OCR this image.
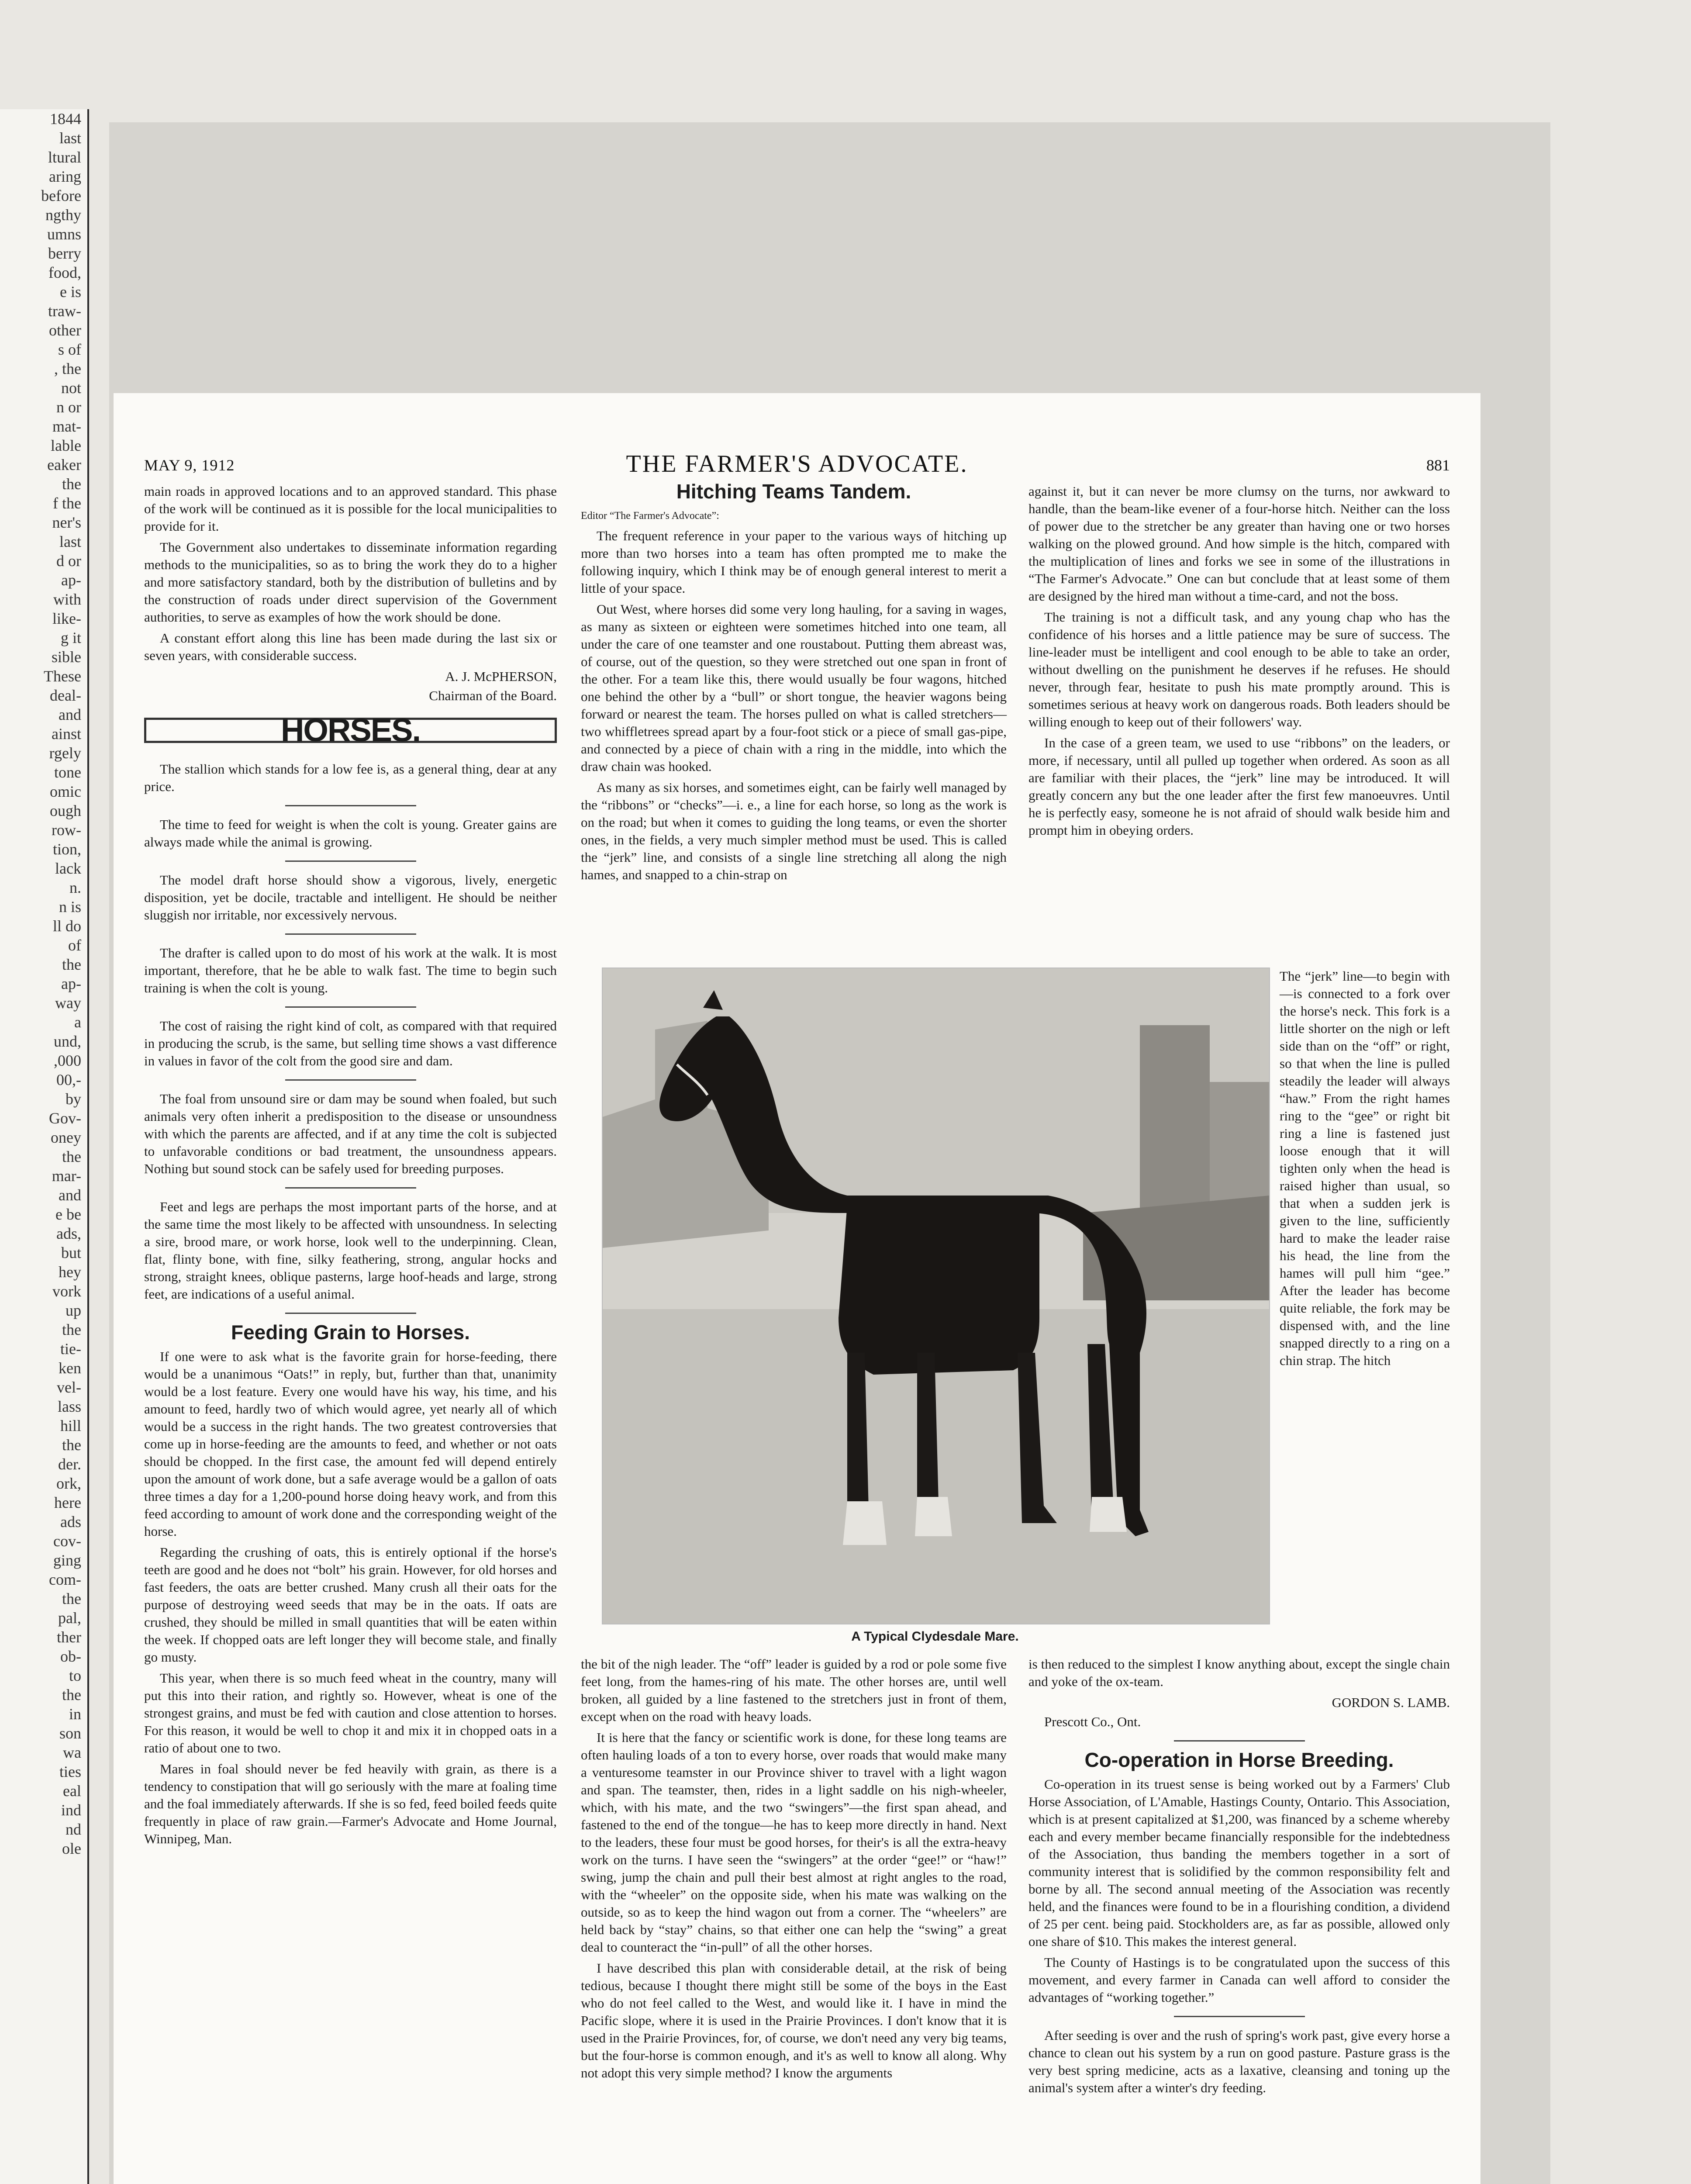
1844
last
ltural
aring
before
ngthy
umns
berry
food,
e is
traw-
other
s of
, the
not
n or
mat-
lable
eaker
the
f the
ner's
last
d or
ap-
with
like-
g it
sible
These
deal-
and
ainst
rgely
tone
omic
ough
row-
tion,
lack
n.
n is
ll do
of
the
ap-
way
a
und,
,000
00,-
by
Gov-
oney
the
mar-
and
e be
ads,
but
hey
vork
up
the
tie-
ken
vel-
lass
hill
the
der.
ork,
here
ads
cov-
ging
com-
the
pal,
ther
ob-
to
the
in
son
wa
ties
eal
ind
nd
ole
MAY 9, 1912	THE FARMER'S ADVOCATE.	881

main roads in approved locations and to an approved standard. This phase of the work will be continued as it is possible for the local municipalities to provide for it.

The Government also undertakes to disseminate information regarding methods to the municipalities, so as to bring the work they do to a higher and more satisfactory standard, both by the distribution of bulletins and by the construction of roads under direct supervision of the Government authorities, to serve as examples of how the work should be done.

A constant effort along this line has been made during the last six or seven years, with considerable success.

A. J. McPHERSON,
Chairman of the Board.
HORSES.

The stallion which stands for a low fee is, as a general thing, dear at any price.

The time to feed for weight is when the colt is young. Greater gains are always made while the animal is growing.

The model draft horse should show a vigorous, lively, energetic disposition, yet be docile, tractable and intelligent. He should be neither sluggish nor irritable, nor excessively nervous.

The drafter is called upon to do most of his work at the walk. It is most important, therefore, that he be able to walk fast. The time to begin such training is when the colt is young.

The cost of raising the right kind of colt, as compared with that required in producing the scrub, is the same, but selling time shows a vast difference in values in favor of the colt from the good sire and dam.

The foal from unsound sire or dam may be sound when foaled, but such animals very often inherit a predisposition to the disease or unsoundness with which the parents are affected, and if at any time the colt is subjected to unfavorable conditions or bad treatment, the unsoundness appears. Nothing but sound stock can be safely used for breeding purposes.

Feet and legs are perhaps the most important parts of the horse, and at the same time the most likely to be affected with unsoundness. In selecting a sire, brood mare, or work horse, look well to the underpinning. Clean, flat, flinty bone, with fine, silky feathering, strong, angular hocks and strong, straight knees, oblique pasterns, large hoof-heads and large, strong feet, are indications of a useful animal.

Feeding Grain to Horses.

If one were to ask what is the favorite grain for horse-feeding, there would be a unanimous “Oats!” in reply, but, further than that, unanimity would be a lost feature. Every one would have his way, his time, and his amount to feed, hardly two of which would agree, yet nearly all of which would be a success in the right hands. The two greatest controversies that come up in horse-feeding are the amounts to feed, and whether or not oats should be chopped. In the first case, the amount fed will depend entirely upon the amount of work done, but a safe average would be a gallon of oats three times a day for a 1,200-pound horse doing heavy work, and from this feed according to amount of work done and the corresponding weight of the horse.

Regarding the crushing of oats, this is entirely optional if the horse's teeth are good and he does not “bolt” his grain. However, for old horses and fast feeders, the oats are better crushed. Many crush all their oats for the purpose of destroying weed seeds that may be in the oats. If oats are crushed, they should be milled in small quantities that will be eaten within the week. If chopped oats are left longer they will become stale, and finally go musty.

This year, when there is so much feed wheat in the country, many will put this into their ration, and rightly so. However, wheat is one of the strongest grains, and must be fed with caution and close attention to horses. For this reason, it would be well to chop it and mix it in chopped oats in a ratio of about one to two.

Mares in foal should never be fed heavily with grain, as there is a tendency to constipation that will go seriously with the mare at foaling time and the foal immediately afterwards. If she is so fed, feed boiled feeds quite frequently in place of raw grain.—Farmer's Advocate and Home Journal, Winnipeg, Man.

Hitching Teams Tandem.
Editor “The Farmer's Advocate”:

The frequent reference in your paper to the various ways of hitching up more than two horses into a team has often prompted me to make the following inquiry, which I think may be of enough general interest to merit a little of your space.

Out West, where horses did some very long hauling, for a saving in wages, as many as sixteen or eighteen were sometimes hitched into one team, all under the care of one teamster and one roustabout. Putting them abreast was, of course, out of the question, so they were stretched out one span in front of the other. For a team like this, there would usually be four wagons, hitched one behind the other by a “bull” or short tongue, the heavier wagons being forward or nearest the team. The horses pulled on what is called stretchers—two whiffletrees spread apart by a four-foot stick or a piece of small gas-pipe, and connected by a piece of chain with a ring in the middle, into which the draw chain was hooked.

As many as six horses, and sometimes eight, can be fairly well managed by the “ribbons” or “checks”—i. e., a line for each horse, so long as the work is on the road; but when it comes to guiding the long teams, or even the shorter ones, in the fields, a very much simpler method must be used. This is called the “jerk” line, and consists of a single line stretching all along the nigh hames, and snapped to a chin-strap on

against it, but it can never be more clumsy on the turns, nor awkward to handle, than the beam-like evener of a four-horse hitch. Neither can the loss of power due to the stretcher be any greater than having one or two horses walking on the plowed ground. And how simple is the hitch, compared with the multiplication of lines and forks we see in some of the illustrations in “The Farmer's Advocate.” One can but conclude that at least some of them are designed by the hired man without a time-card, and not the boss.

The training is not a difficult task, and any young chap who has the confidence of his horses and a little patience may be sure of success. The line-leader must be intelligent and cool enough to be able to take an order, without dwelling on the punishment he deserves if he refuses. He should never, through fear, hesitate to push his mate promptly around. This is sometimes serious at heavy work on dangerous roads. Both leaders should be willing enough to keep out of their followers' way.

In the case of a green team, we used to use “ribbons” on the leaders, or more, if necessary, until all pulled up together when ordered. As soon as all are familiar with their places, the “jerk” line may be introduced. It will greatly concern any but the one leader after the first few manoeuvres. Until he is perfectly easy, someone he is not afraid of should walk beside him and prompt him in obeying orders.

A Typical Clydesdale Mare.

The “jerk” line—to begin with—is connected to a fork over the horse's neck. This fork is a little shorter on the nigh or left side than on the “off” or right, so that when the line is pulled steadily the leader will always “haw.” From the right hames ring to the “gee” or right bit ring a line is fastened just loose enough that it will tighten only when the head is raised higher than usual, so that when a sudden jerk is given to the line, sufficiently hard to make the leader raise his head, the line from the hames will pull him “gee.” After the leader has become quite reliable, the fork may be dispensed with, and the line snapped directly to a ring on a chin strap. The hitch

the bit of the nigh leader. The “off” leader is guided by a rod or pole some five feet long, from the hames-ring of his mate. The other horses are, until well broken, all guided by a line fastened to the stretchers just in front of them, except when on the road with heavy loads.

It is here that the fancy or scientific work is done, for these long teams are often hauling loads of a ton to every horse, over roads that would make many a venturesome teamster in our Province shiver to travel with a light wagon and span. The teamster, then, rides in a light saddle on his nigh-wheeler, which, with his mate, and the two “swingers”—the first span ahead, and fastened to the end of the tongue—he has to keep more directly in hand. Next to the leaders, these four must be good horses, for their's is all the extra-heavy work on the turns. I have seen the “swingers” at the order “gee!” or “haw!” swing, jump the chain and pull their best almost at right angles to the road, with the “wheeler” on the opposite side, when his mate was walking on the outside, so as to keep the hind wagon out from a corner. The “wheelers” are held back by “stay” chains, so that either one can help the “swing” a great deal to counteract the “in-pull” of all the other horses.

I have described this plan with considerable detail, at the risk of being tedious, because I thought there might still be some of the boys in the East who do not feel called to the West, and would like it. I have in mind the Pacific slope, where it is used in the Prairie Provinces. I don't know that it is used in the Prairie Provinces, for, of course, we don't need any very big teams, but the four-horse is common enough, and it's as well to know all along. Why not adopt this very simple method? I know the arguments

is then reduced to the simplest I know anything about, except the single chain and yoke of the ox-team.

GORDON S. LAMB.
Prescott Co., Ont.
Co-operation in Horse Breeding.

Co-operation in its truest sense is being worked out by a Farmers' Club Horse Association, of L'Amable, Hastings County, Ontario. This Association, which is at present capitalized at $1,200, was financed by a scheme whereby each and every member became financially responsible for the indebtedness of the Association, thus banding the members together in a sort of community interest that is solidified by the common responsibility felt and borne by all. The second annual meeting of the Association was recently held, and the finances were found to be in a flourishing condition, a dividend of 25 per cent. being paid. Stockholders are, as far as possible, allowed only one share of $10. This makes the interest general.

The County of Hastings is to be congratulated upon the success of this movement, and every farmer in Canada can well afford to consider the advantages of “working together.”

After seeding is over and the rush of spring's work past, give every horse a chance to clean out his system by a run on good pasture. Pasture grass is the very best spring medicine, acts as a laxative, cleansing and toning up the animal's system after a winter's dry feeding.
